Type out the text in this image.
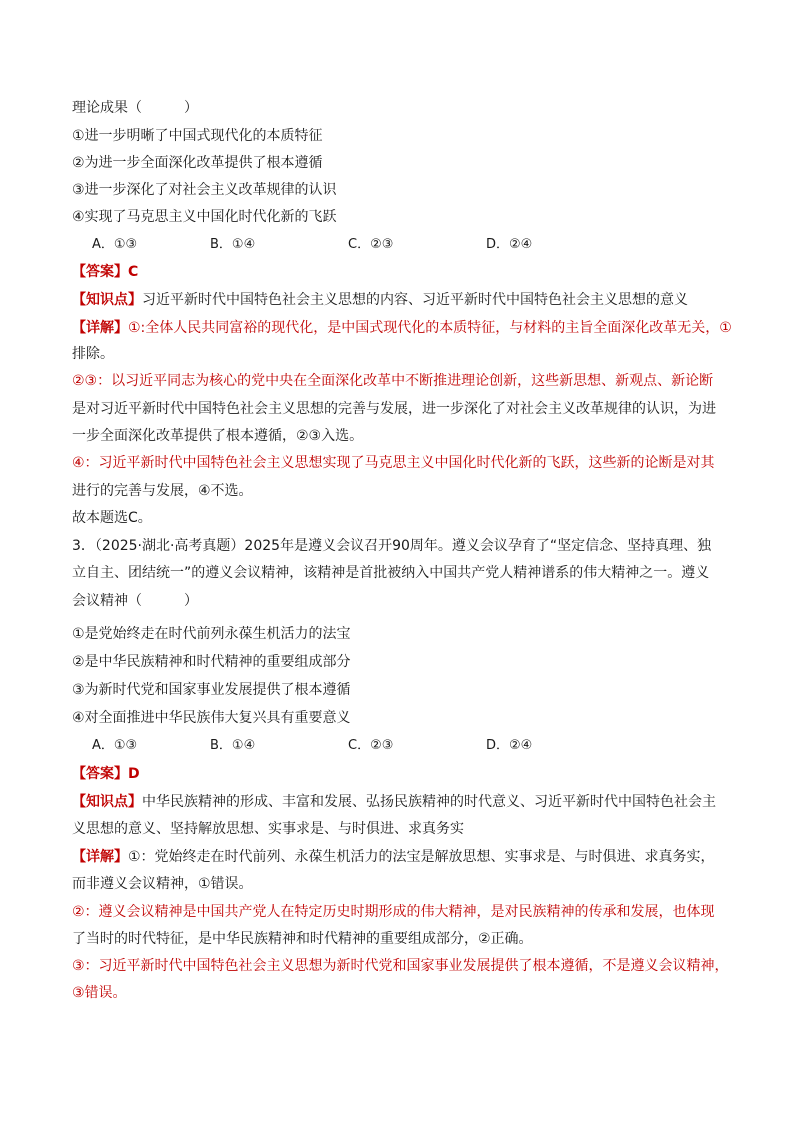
理论成果（　　　）
①进一步明晰了中国式现代化的本质特征
②为进一步全面深化改革提供了根本遵循
③进一步深化了对社会主义改革规律的认识
④实现了马克思主义中国化时代化新的飞跃
A．①③	B．①④	C．②③	D．②④
【答案】C
【知识点】习近平新时代中国特色社会主义思想的内容、习近平新时代中国特色社会主义思想的意义
【详解】①:全体人民共同富裕的现代化，是中国式现代化的本质特征，与材料的主旨全面深化改革无关，①
排除。
②③：以习近平同志为核心的党中央在全面深化改革中不断推进理论创新，这些新思想、新观点、新论断
是对习近平新时代中国特色社会主义思想的完善与发展，进一步深化了对社会主义改革规律的认识，为进
一步全面深化改革提供了根本遵循，②③入选。
④：习近平新时代中国特色社会主义思想实现了马克思主义中国化时代化新的飞跃，这些新的论断是对其
进行的完善与发展，④不选。
故本题选C。
3．（2025·湖北·高考真题）2025年是遵义会议召开90周年。遵义会议孕育了“坚定信念、坚持真理、独
立自主、团结统一”的遵义会议精神，该精神是首批被纳入中国共产党人精神谱系的伟大精神之一。遵义
会议精神（　　　）
①是党始终走在时代前列永葆生机活力的法宝
②是中华民族精神和时代精神的重要组成部分
③为新时代党和国家事业发展提供了根本遵循
④对全面推进中华民族伟大复兴具有重要意义
A．①③	B．①④	C．②③	D．②④
【答案】D
【知识点】中华民族精神的形成、丰富和发展、弘扬民族精神的时代意义、习近平新时代中国特色社会主
义思想的意义、坚持解放思想、实事求是、与时俱进、求真务实
【详解】①：党始终走在时代前列、永葆生机活力的法宝是解放思想、实事求是、与时俱进、求真务实，
而非遵义会议精神，①错误。
②：遵义会议精神是中国共产党人在特定历史时期形成的伟大精神，是对民族精神的传承和发展，也体现
了当时的时代特征，是中华民族精神和时代精神的重要组成部分，②正确。
③：习近平新时代中国特色社会主义思想为新时代党和国家事业发展提供了根本遵循，不是遵义会议精神，
③错误。
